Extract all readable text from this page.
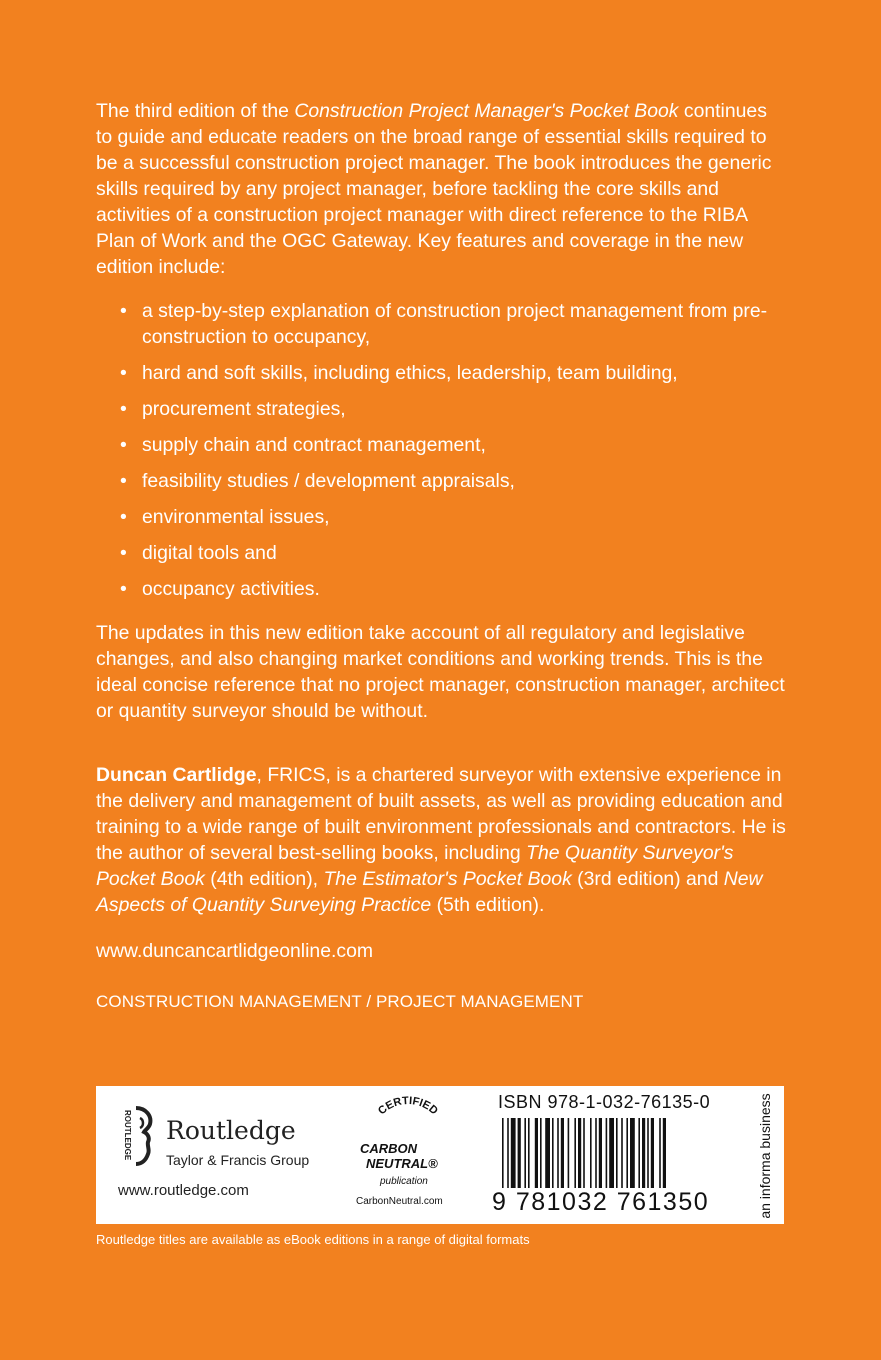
The third edition of the Construction Project Manager's Pocket Book continues to guide and educate readers on the broad range of essential skills required to be a successful construction project manager. The book introduces the generic skills required by any project manager, before tackling the core skills and activities of a construction project manager with direct reference to the RIBA Plan of Work and the OGC Gateway. Key features and coverage in the new edition include:

• a step-by-step explanation of construction project management from pre-construction to occupancy,
• hard and soft skills, including ethics, leadership, team building,
• procurement strategies,
• supply chain and contract management,
• feasibility studies / development appraisals,
• environmental issues,
• digital tools and
• occupancy activities.

The updates in this new edition take account of all regulatory and legislative changes, and also changing market conditions and working trends. This is the ideal concise reference that no project manager, construction manager, architect or quantity surveyor should be without.

Duncan Cartlidge, FRICS, is a chartered surveyor with extensive experience in the delivery and management of built assets, as well as providing education and training to a wide range of built environment professionals and contractors. He is the author of several best-selling books, including The Quantity Surveyor's Pocket Book (4th edition), The Estimator's Pocket Book (3rd edition) and New Aspects of Quantity Surveying Practice (5th edition).

www.duncancartlidgeonline.com
CONSTRUCTION MANAGEMENT / PROJECT MANAGEMENT
ROUTLEDGE Routledge
Taylor & Francis Group
www.routledge.com
CERTIFIED
CARBON
NEUTRAL®
publication
CarbonNeutral.com
ISBN 978-1-032-76135-0
9 781032 761350	an informa business
Routledge titles are available as eBook editions in a range of digital formats
